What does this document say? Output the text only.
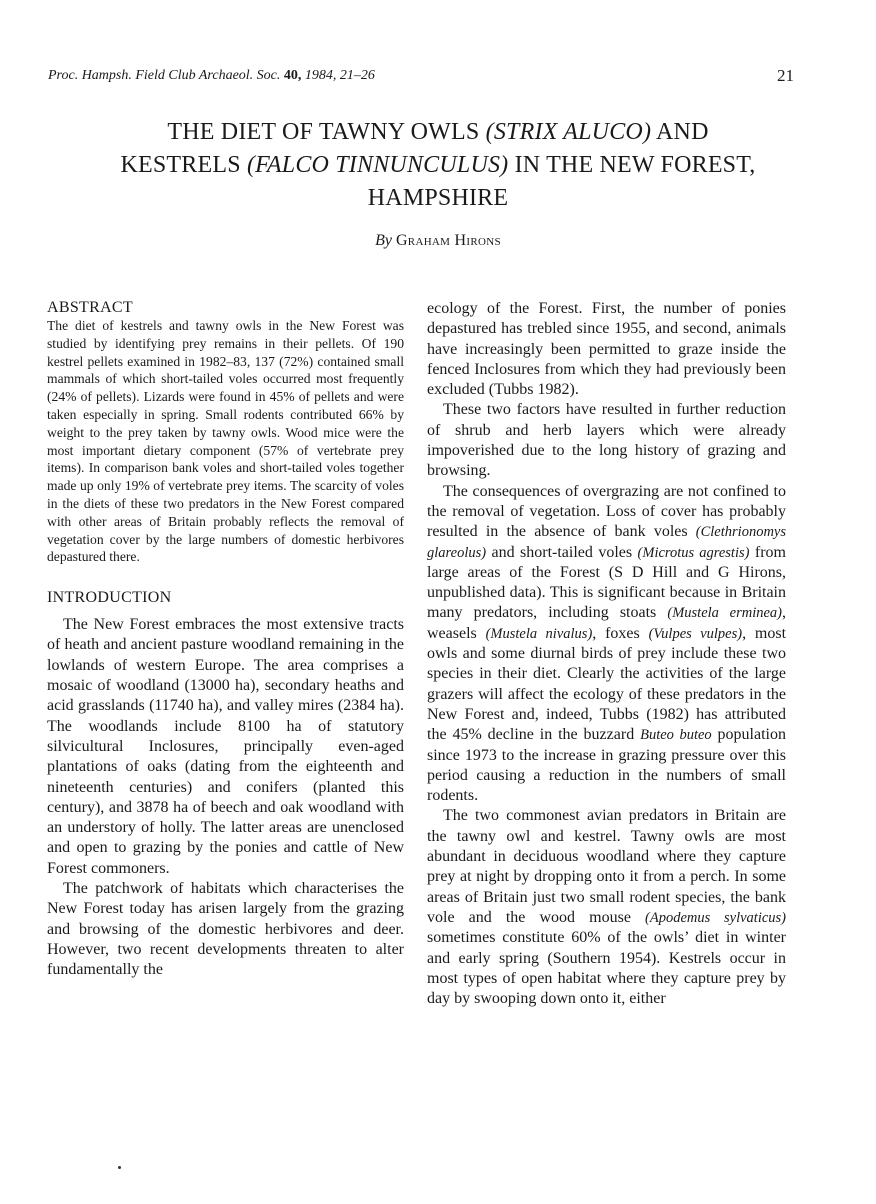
Proc. Hampsh. Field Club Archaeol. Soc. 40, 1984, 21–26	21
THE DIET OF TAWNY OWLS (STRIX ALUCO) AND
KESTRELS (FALCO TINNUNCULUS) IN THE NEW FOREST,
HAMPSHIRE
By Graham Hirons

ABSTRACT

The diet of kestrels and tawny owls in the New Forest was studied by identifying prey remains in their pellets. Of 190 kestrel pellets examined in 1982–83, 137 (72%) contained small mammals of which short-tailed voles occurred most frequently (24% of pellets). Lizards were found in 45% of pellets and were taken especially in spring. Small rodents contributed 66% by weight to the prey taken by tawny owls. Wood mice were the most important dietary component (57% of vertebrate prey items). In comparison bank voles and short-tailed voles together made up only 19% of vertebrate prey items. The scarcity of voles in the diets of these two predators in the New Forest compared with other areas of Britain probably reflects the removal of vegetation cover by the large numbers of domestic herbivores depastured there.

INTRODUCTION

The New Forest embraces the most extensive tracts of heath and ancient pasture woodland remaining in the lowlands of western Europe. The area comprises a mosaic of woodland (13000 ha), secondary heaths and acid grasslands (11740 ha), and valley mires (2384 ha). The woodlands include 8100 ha of statutory silvicultural Inclosures, principally even-aged plantations of oaks (dating from the eighteenth and nineteenth centuries) and conifers (planted this century), and 3878 ha of beech and oak woodland with an understory of holly. The latter areas are unenclosed and open to grazing by the ponies and cattle of New Forest commoners.

The patchwork of habitats which characterises the New Forest today has arisen largely from the grazing and browsing of the domestic herbivores and deer. However, two recent developments threaten to alter fundamentally the

ecology of the Forest. First, the number of ponies depastured has trebled since 1955, and second, animals have increasingly been permitted to graze inside the fenced Inclosures from which they had previously been excluded (Tubbs 1982).

These two factors have resulted in further reduction of shrub and herb layers which were already impoverished due to the long history of grazing and browsing.

The consequences of overgrazing are not confined to the removal of vegetation. Loss of cover has probably resulted in the absence of bank voles (Clethrionomys glareolus) and short-tailed voles (Microtus agrestis) from large areas of the Forest (S D Hill and G Hirons, unpublished data). This is significant because in Britain many predators, including stoats (Mustela erminea), weasels (Mustela nivalus), foxes (Vulpes vulpes), most owls and some diurnal birds of prey include these two species in their diet. Clearly the activities of the large grazers will affect the ecology of these predators in the New Forest and, indeed, Tubbs (1982) has attributed the 45% decline in the buzzard Buteo buteo population since 1973 to the increase in grazing pressure over this period causing a reduction in the numbers of small rodents.

The two commonest avian predators in Britain are the tawny owl and kestrel. Tawny owls are most abundant in deciduous woodland where they capture prey at night by dropping onto it from a perch. In some areas of Britain just two small rodent species, the bank vole and the wood mouse (Apodemus sylvaticus) sometimes constitute 60% of the owls’ diet in winter and early spring (Southern 1954). Kestrels occur in most types of open habitat where they capture prey by day by swooping down onto it, either
